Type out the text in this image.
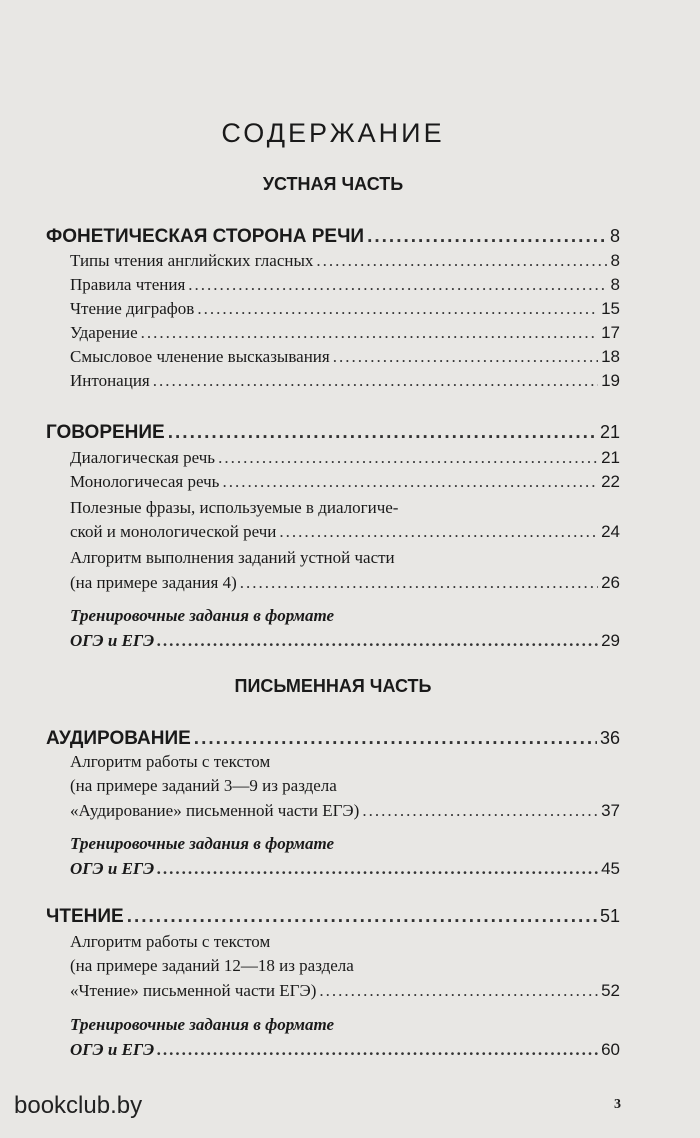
СОДЕРЖАНИЕ
УСТНАЯ ЧАСТЬ
ФОНЕТИЧЕСКАЯ СТОРОНА РЕЧИ .....	8
Типы чтения английских гласных .....	8
Правила чтения .....	8
Чтение диграфов .....	15
Ударение .....	17
Смысловое членение высказывания .....	18
Интонация .....	19
ГОВОРЕНИЕ .....	21
Диалогическая речь .....	21
Монологичесая речь .....	22
Полезные фразы, используемые в диалогиче-
ской и монологической речи .....	24
Алгоритм выполнения заданий устной части
(на примере задания 4) .....	26
Тренировочные задания в формате
ОГЭ и ЕГЭ .....	29
ПИСЬМЕННАЯ ЧАСТЬ
АУДИРОВАНИЕ .....	36
Алгоритм работы с текстом
(на примере заданий 3—9 из раздела
«Аудирование» письменной части ЕГЭ) .....	37
Тренировочные задания в формате
ОГЭ и ЕГЭ .....	45
ЧТЕНИЕ .....	51
Алгоритм работы с текстом
(на примере заданий 12—18 из раздела
«Чтение» письменной части ЕГЭ) .....	52
Тренировочные задания в формате
ОГЭ и ЕГЭ .....	60
bookclub.by	3
